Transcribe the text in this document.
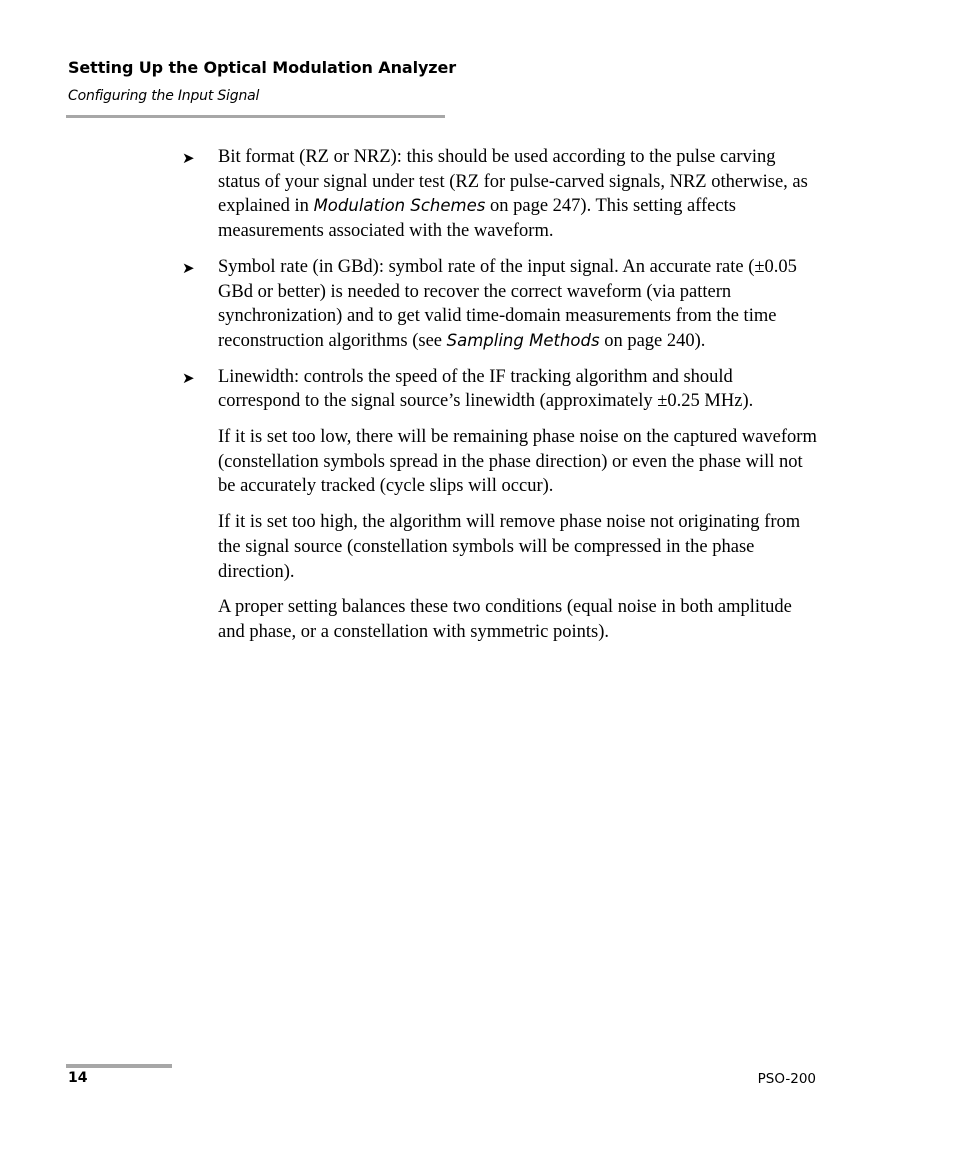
Setting Up the Optical Modulation Analyzer
Configuring the Input Signal
➤ Bit format (RZ or NRZ): this should be used according to the pulse carving status of your signal under test (RZ for pulse-carved signals, NRZ otherwise, as explained in Modulation Schemes on page 247). This setting affects measurements associated with the waveform.
➤ Symbol rate (in GBd): symbol rate of the input signal. An accurate rate (±0.05 GBd or better) is needed to recover the correct waveform (via pattern synchronization) and to get valid time-domain measurements from the time reconstruction algorithms (see Sampling Methods on page 240).
➤ Linewidth: controls the speed of the IF tracking algorithm and should correspond to the signal source’s linewidth (approximately ±0.25 MHz).

If it is set too low, there will be remaining phase noise on the captured waveform (constellation symbols spread in the phase direction) or even the phase will not be accurately tracked (cycle slips will occur).

If it is set too high, the algorithm will remove phase noise not originating from the signal source (constellation symbols will be compressed in the phase direction).

A proper setting balances these two conditions (equal noise in both amplitude and phase, or a constellation with symmetric points).

14	PSO-200
